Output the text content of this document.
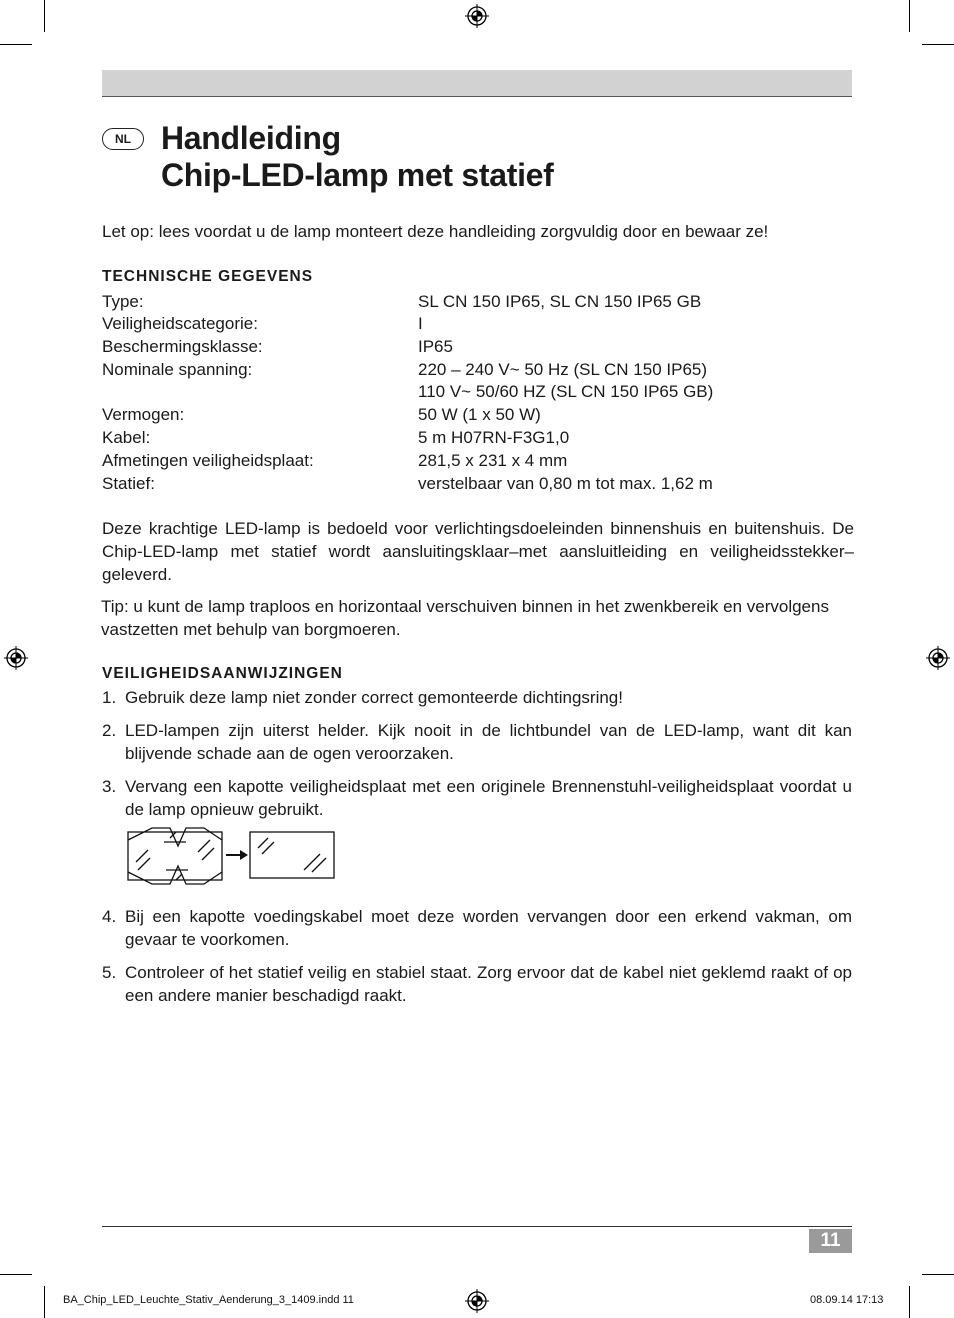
NL Handleiding
Chip-LED-lamp met statief
Let op: lees voordat u de lamp monteert deze handleiding zorgvuldig door en bewaar ze!
TECHNISCHE GEGEVENS
Type:	SL CN 150 IP65, SL CN 150 IP65 GB
Veiligheidscategorie:	I
Beschermingsklasse:	IP65
Nominale spanning:	220 – 240 V~ 50 Hz (SL CN 150 IP65)
110 V~ 50/60 HZ (SL CN 150 IP65 GB)
Vermogen:	50 W (1 x 50 W)
Kabel:	5 m H07RN-F3G1,0
Afmetingen veiligheidsplaat:	281,5 x 231 x 4 mm
Statief:	verstelbaar van 0,80 m tot max. 1,62 m
Deze krachtige LED-lamp is bedoeld voor verlichtingsdoeleinden binnenshuis en buitenshuis. De Chip-LED-lamp met statief wordt aansluitingsklaar–met aansluitleiding en veiligheidsstekker–geleverd.
Tip: u kunt de lamp traploos en horizontaal verschuiven binnen in het zwenkbereik en vervolgens vastzetten met behulp van borgmoeren.
VEILIGHEIDSAANWIJZINGEN
1. Gebruik deze lamp niet zonder correct gemonteerde dichtingsring!
2. LED-lampen zijn uiterst helder. Kijk nooit in de lichtbundel van de LED-lamp, want dit kan blijvende schade aan de ogen veroorzaken.
3. Vervang een kapotte veiligheidsplaat met een originele Brennenstuhl-veiligheidsplaat voordat u de lamp opnieuw gebruikt.
4. Bij een kapotte voedingskabel moet deze worden vervangen door een erkend vakman, om gevaar te voorkomen.
5. Controleer of het statief veilig en stabiel staat. Zorg ervoor dat de kabel niet geklemd raakt of op een andere manier beschadigd raakt.
11
BA_Chip_LED_Leuchte_Stativ_Aenderung_3_1409.indd 11	08.09.14 17:13
